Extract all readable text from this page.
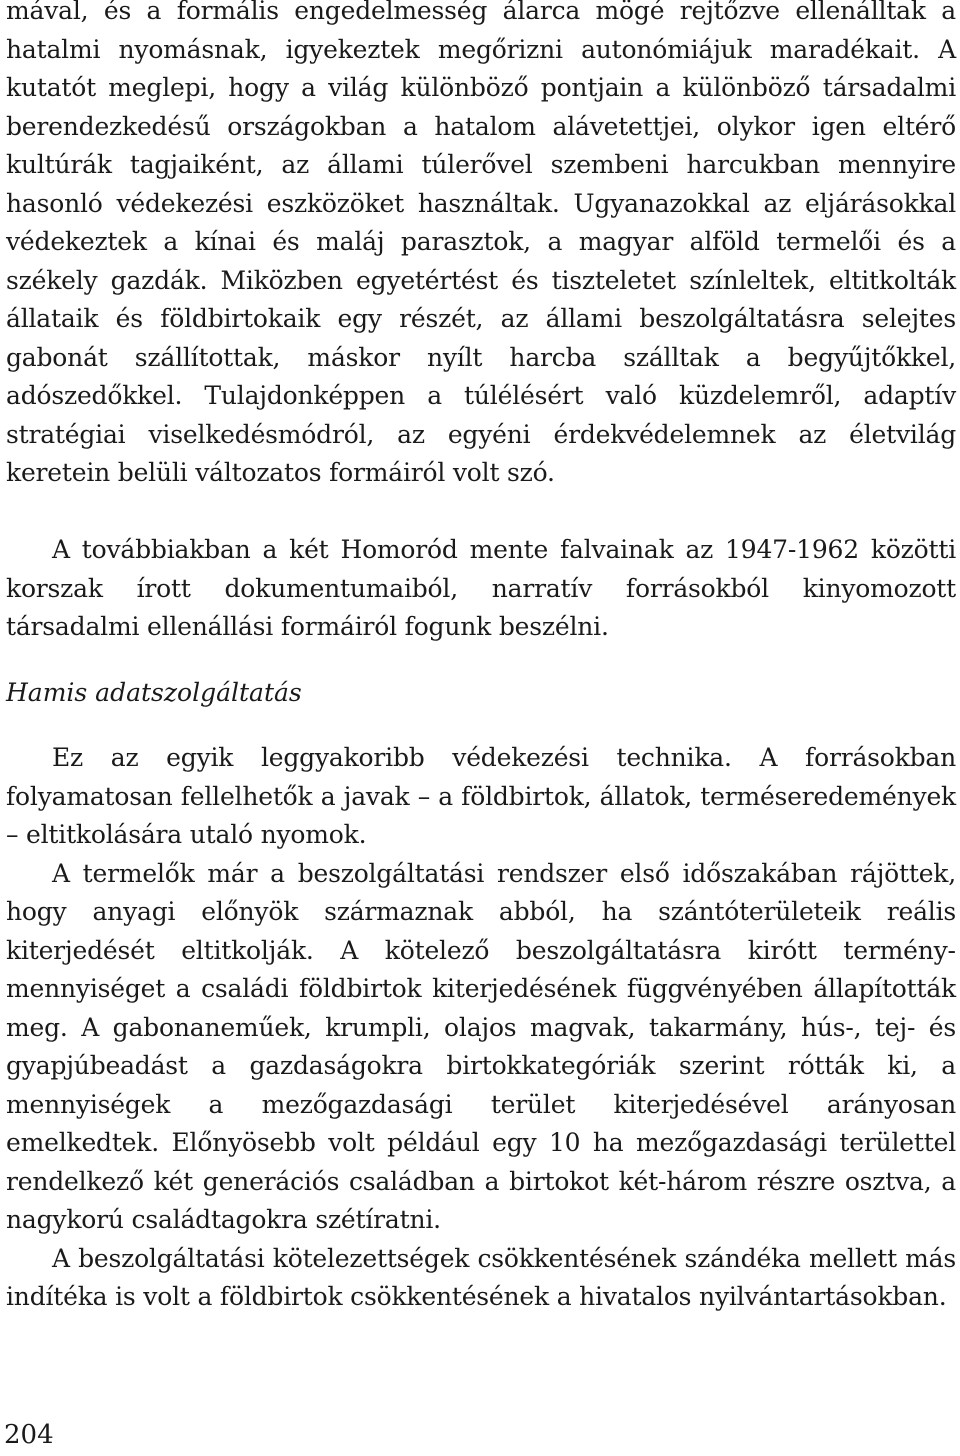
mával, és a formális engedelmesség álarca mögé rejtőzve ellenálltak a hatalmi nyomásnak, igyekeztek megőrizni autonómiájuk maradékait. A kutatót meglepi, hogy a világ különböző pontjain a különböző társadalmi berendezkedésű országokban a hatalom alávetettjei, olykor igen eltérő kultúrák tagjaiként, az állami túlerővel szembeni harcukban mennyire hasonló védekezési eszközöket használtak. Ugyanazokkal az eljárásokkal védekeztek a kínai és maláj parasztok, a magyar alföld termelői és a székely gazdák. Miközben egyetértést és tiszteletet színleltek, eltitkolták állataik és földbirtokaik egy részét, az állami beszolgáltatásra selejtes gabonát szállítottak, máskor nyílt harcba szálltak a begyűjtőkkel, adószedőkkel. Tulajdonképpen a túlélésért való küzdelemről, adaptív stratégiai viselkedésmódról, az egyéni érdekvédelemnek az életvilág keretein belüli változatos formáiról volt szó.

A továbbiakban a két Homoród mente falvainak az 1947-1962 közötti korszak írott dokumentumaiból, narratív forrásokból kinyomozott társadalmi ellenállási formáiról fogunk beszélni.

Hamis adatszolgáltatás

Ez az egyik leggyakoribb védekezési technika. A forrásokban folyamatosan fellelhetők a javak – a földbirtok, állatok, terméseredemények – eltitkolására utaló nyomok.

A termelők már a beszolgáltatási rendszer első időszakában rájöttek, hogy anyagi előnyök származnak abból, ha szántóterületeik reális kiterjedését eltitkolják. A kötelező beszolgáltatásra kirótt terménymennyiséget a családi földbirtok kiterjedésének függvényében állapították meg. A gabonaneműek, krumpli, olajos magvak, takarmány, hús-, tej- és gyapjúbeadást a gazdaságokra birtokkategóriák szerint rótták ki, a mennyiségek a mezőgazdasági terület kiterjedésével arányosan emelkedtek. Előnyösebb volt például egy 10 ha mezőgazdasági területtel rendelkező két generációs családban a birtokot két-három részre osztva, a nagykorú családtagokra szétíratni.

A beszolgáltatási kötelezettségek csökkentésének szándéka mellett más indítéka is volt a földbirtok csökkentésének a hivatalos nyilvántartásokban.

204
